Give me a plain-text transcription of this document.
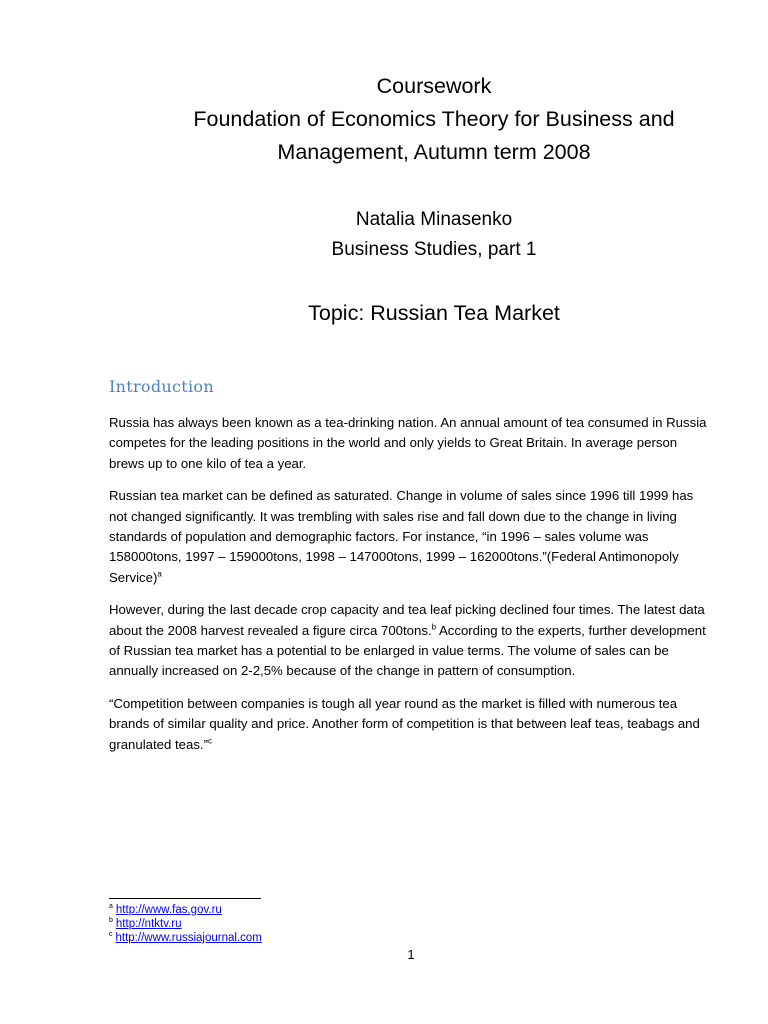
Coursework
Foundation of Economics Theory for Business and
Management, Autumn term 2008
Natalia Minasenko
Business Studies, part 1
Topic: Russian Tea Market
Introduction

Russia has always been known as a tea-drinking nation. An annual amount of tea consumed in Russia competes for the leading positions in the world and only yields to Great Britain. In average person brews up to one kilo of tea a year.

Russian tea market can be defined as saturated. Change in volume of sales since 1996 till 1999 has not changed significantly. It was trembling with sales rise and fall down due to the change in living standards of population and demographic factors. For instance, “in 1996 – sales volume was 158000tons, 1997 – 159000tons, 1998 – 147000tons, 1999 – 162000tons.”(Federal Antimonopoly Service)$^a$

However, during the last decade crop capacity and tea leaf picking declined four times. The latest data about the 2008 harvest revealed a figure circa 700tons.$^b$ According to the experts, further development of Russian tea market has a potential to be enlarged in value terms. The volume of sales can be annually increased on 2-2,5% because of the change in pattern of consumption.

“Competition between companies is tough all year round as the market is filled with numerous tea brands of similar quality and price. Another form of competition is that between leaf teas, teabags and granulated teas.”$^c$

$^a$ http://www.fas.gov.ru
$^b$ http://ntktv.ru
$^c$ http://www.russiajournal.com
1
